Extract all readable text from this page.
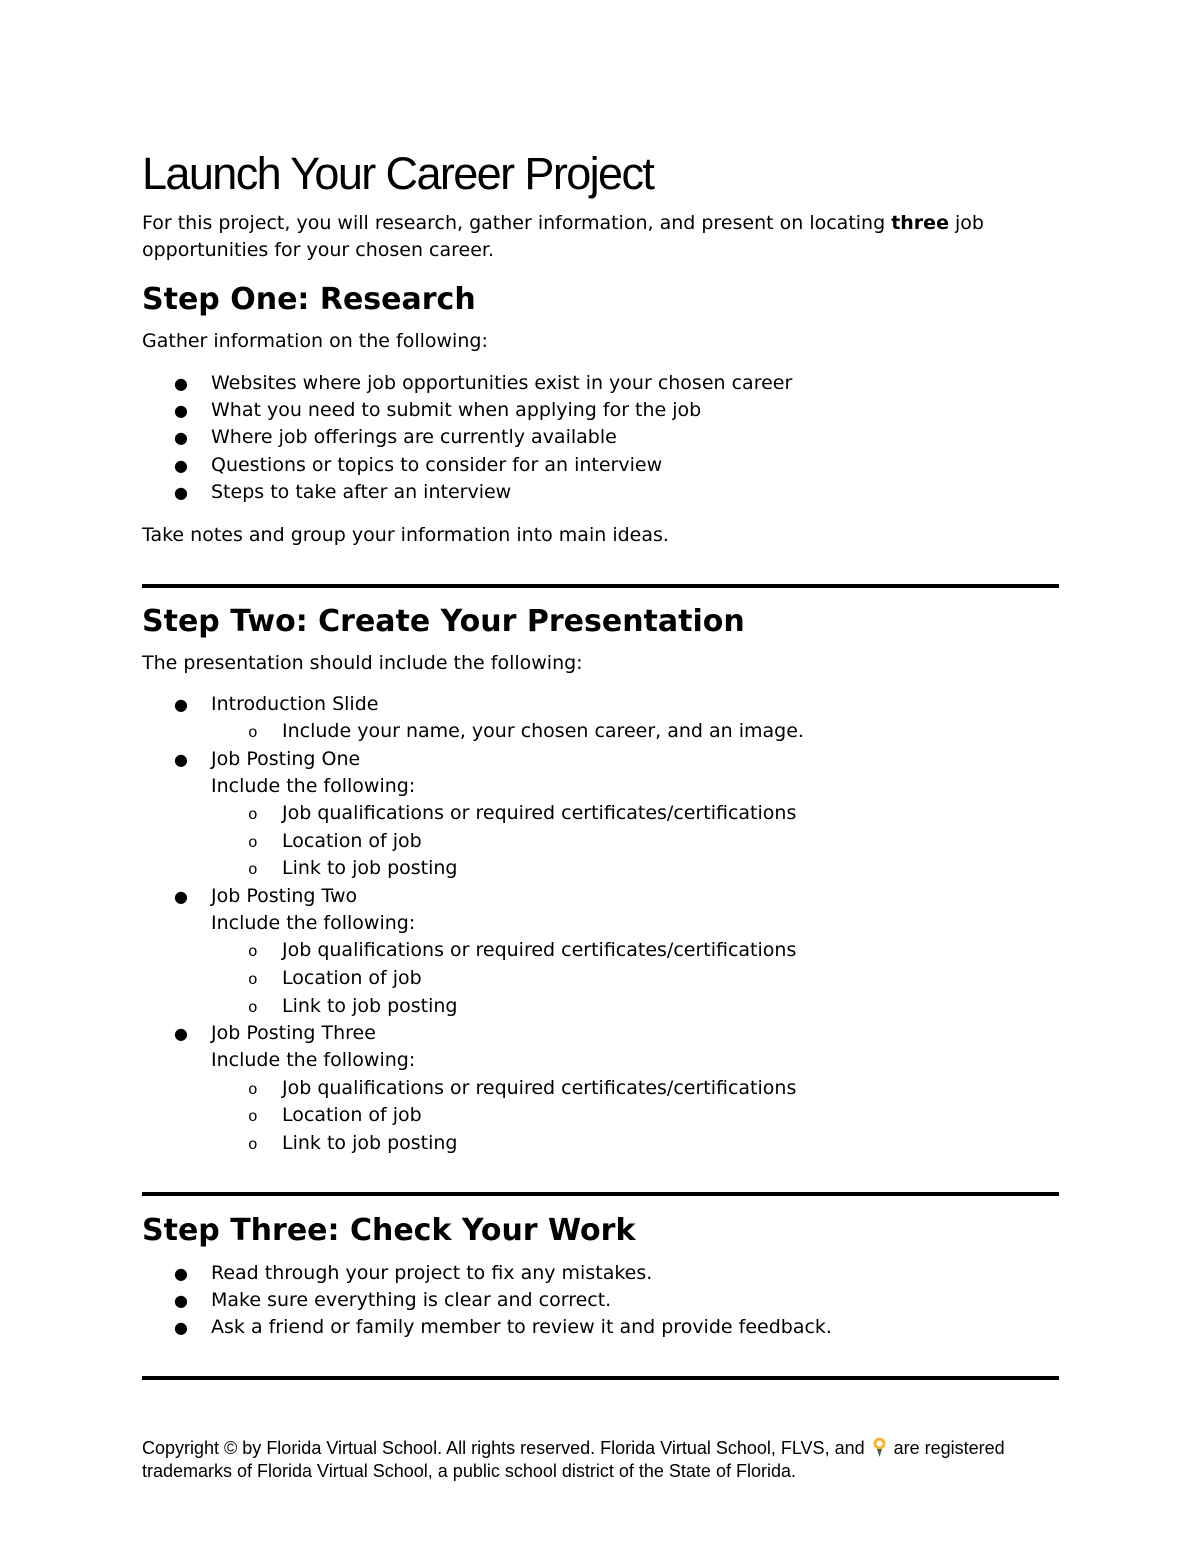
Launch Your Career Project

For this project, you will research, gather information, and present on locating three job opportunities for your chosen career.

Step One: Research

Gather information on the following:

● Websites where job opportunities exist in your chosen career
● What you need to submit when applying for the job
● Where job offerings are currently available
● Questions or topics to consider for an interview
● Steps to take after an interview

Take notes and group your information into main ideas.

Step Two: Create Your Presentation

The presentation should include the following:

● Introduction Slide
o Include your name, your chosen career, and an image.
● Job Posting One
Include the following:
o Job qualifications or required certificates/certifications
o Location of job
o Link to job posting
● Job Posting Two
Include the following:
o Job qualifications or required certificates/certifications
o Location of job
o Link to job posting
● Job Posting Three
Include the following:
o Job qualifications or required certificates/certifications
o Location of job
o Link to job posting
Step Three: Check Your Work
● Read through your project to fix any mistakes.
● Make sure everything is clear and correct.
● Ask a friend or family member to review it and provide feedback.

Copyright © by Florida Virtual School. All rights reserved. Florida Virtual School, FLVS, and  are registered trademarks of Florida Virtual School, a public school district of the State of Florida.
